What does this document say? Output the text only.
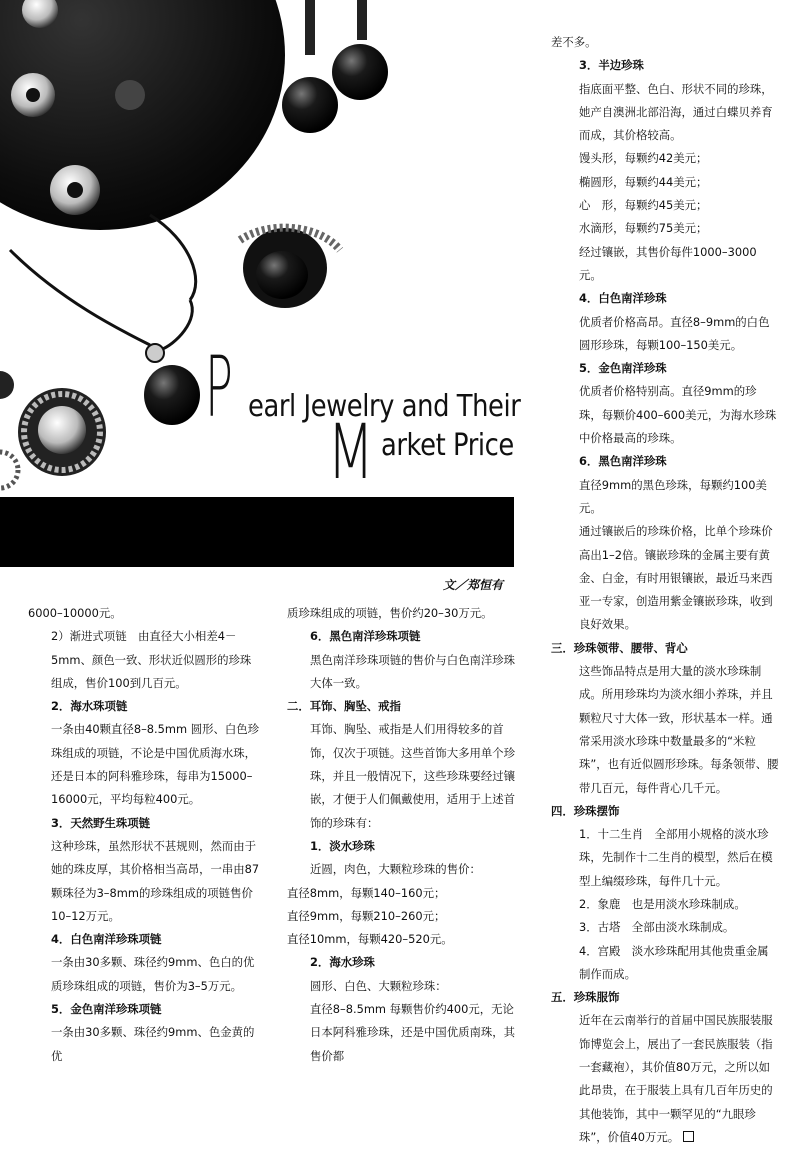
P earl Jewelry and Their
M arket Price
文／郑恒有

6000–10000元。

2）渐进式项链　由直径大小相差4－5mm、颜色一致、形状近似圆形的珍珠组成，售价100到几百元。

2．海水珠项链

一条由40颗直径8–8.5mm 圆形、白色珍珠组成的项链，不论是中国优质海水珠，还是日本的阿科雅珍珠，每串为15000–16000元，平均每粒400元。

3．天然野生珠项链

这种珍珠，虽然形状不甚规则，然而由于她的珠皮厚，其价格相当高昂，一串由87颗珠径为3–8mm的珍珠组成的项链售价10–12万元。

4．白色南洋珍珠项链

一条由30多颗、珠径约9mm、色白的优质珍珠组成的项链，售价为3–5万元。

5．金色南洋珍珠项链

一条由30多颗、珠径约9mm、色金黄的优

质珍珠组成的项链，售价约20–30万元。

6．黑色南洋珍珠项链

黑色南洋珍珠项链的售价与白色南洋珍珠大体一致。

二．耳饰、胸坠、戒指

耳饰、胸坠、戒指是人们用得较多的首饰，仅次于项链。这些首饰大多用单个珍珠，并且一般情况下，这些珍珠要经过镶嵌，才便于人们佩戴使用，适用于上述首饰的珍珠有：

1．淡水珍珠

近圆，肉色，大颗粒珍珠的售价：

直径8mm，每颗140–160元；

直径9mm，每颗210–260元；

直径10mm，每颗420–520元。

2．海水珍珠

圆形、白色、大颗粒珍珠：

直径8–8.5mm 每颗售价约400元，无论日本阿科雅珍珠，还是中国优质南珠，其售价都

差不多。

3．半边珍珠

指底面平整、色白、形状不同的珍珠，她产自澳洲北部沿海，通过白蝶贝养育而成，其价格较高。

馒头形，每颗约42美元；

椭圆形，每颗约44美元；

心　形，每颗约45美元；

水滴形，每颗约75美元；

经过镶嵌，其售价每件1000–3000元。

4．白色南洋珍珠

优质者价格高昂。直径8–9mm的白色圆形珍珠，每颗100–150美元。

5．金色南洋珍珠

优质者价格特别高。直径9mm的珍珠，每颗价400–600美元，为海水珍珠中价格最高的珍珠。

6．黑色南洋珍珠

直径9mm的黑色珍珠，每颗约100美元。

通过镶嵌后的珍珠价格，比单个珍珠价高出1–2倍。镶嵌珍珠的金属主要有黄金、白金，有时用银镶嵌，最近马来西亚一专家，创造用紫金镶嵌珍珠，收到良好效果。

三．珍珠领带、腰带、背心

这些饰品特点是用大量的淡水珍珠制成。所用珍珠均为淡水细小养珠，并且颗粒尺寸大体一致，形状基本一样。通常采用淡水珍珠中数量最多的“米粒珠”，也有近似圆形珍珠。每条领带、腰带几百元，每件背心几千元。

四．珍珠摆饰

1．十二生肖　全部用小规格的淡水珍珠，先制作十二生肖的模型，然后在模型上编缀珍珠，每件几十元。

2．象鹿　也是用淡水珍珠制成。

3．古塔　全部由淡水珠制成。

4．宫殿　淡水珍珠配用其他贵重金属制作而成。

五．珍珠服饰

近年在云南举行的首届中国民族服装服饰博览会上，展出了一套民族服装（指一套藏袍），其价值80万元，之所以如此昂贵，在于服装上具有几百年历史的其他装饰，其中一颗罕见的“九眼珍珠”，价值40万元。
